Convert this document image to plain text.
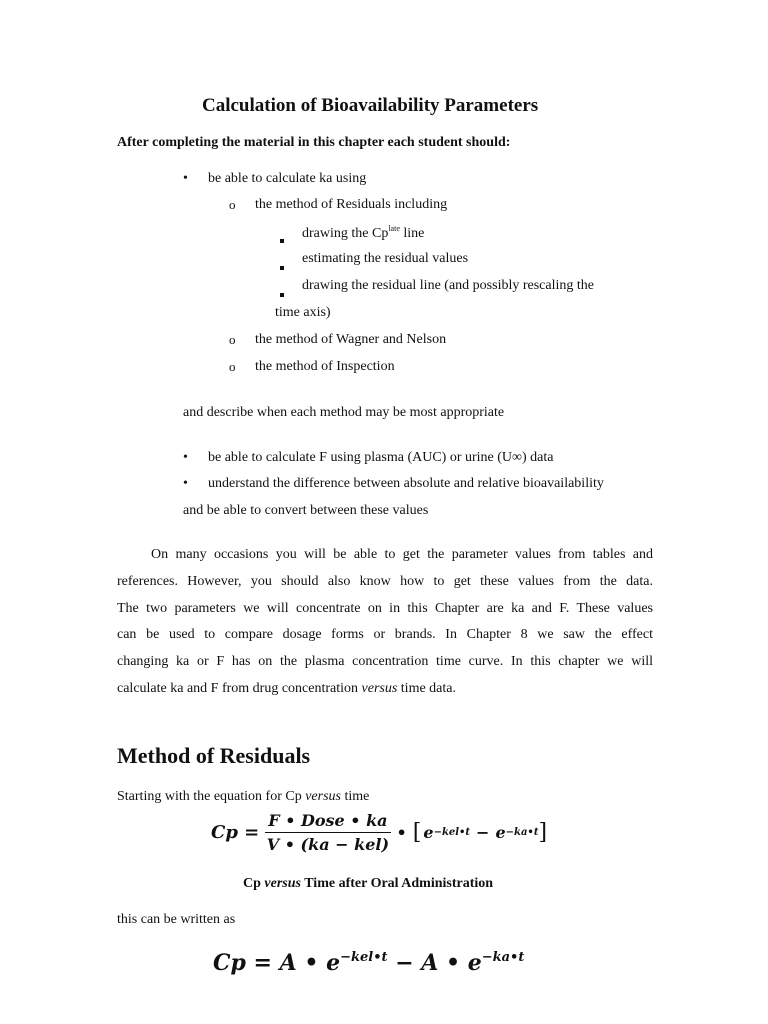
Calculation of Bioavailability Parameters
After completing the material in this chapter each student should:
• be able to calculate ka using
o the method of Residuals including
drawing the $Cp^{late}$ line
estimating the residual values
drawing the residual line (and possibly rescaling the
time axis)
o the method of Wagner and Nelson
o the method of Inspection
and describe when each method may be most appropriate
• be able to calculate F using plasma (AUC) or urine (U∞) data
• understand the difference between absolute and relative bioavailability
and be able to convert between these values
On many occasions you will be able to get the parameter values from tables and
references. However, you should also know how to get these values from the data.
The two parameters we will concentrate on in this Chapter are ka and F. These values
can be used to compare dosage forms or brands. In Chapter 8 we saw the effect
changing ka or F has on the plasma concentration time curve. In this chapter we will
calculate ka and F from drug concentration versus time data.
Method of Residuals
Starting with the equation for Cp versus time
$Cp = \frac{\text{F • Dose • ka}}{\text{V • (ka − kel)}}$ • [ e −kel•t − e −ka•t ]
Cp versus Time after Oral Administration
this can be written as
Cp = A • $e^{-kel•t} - A$ • $e^{-ka•t}$
